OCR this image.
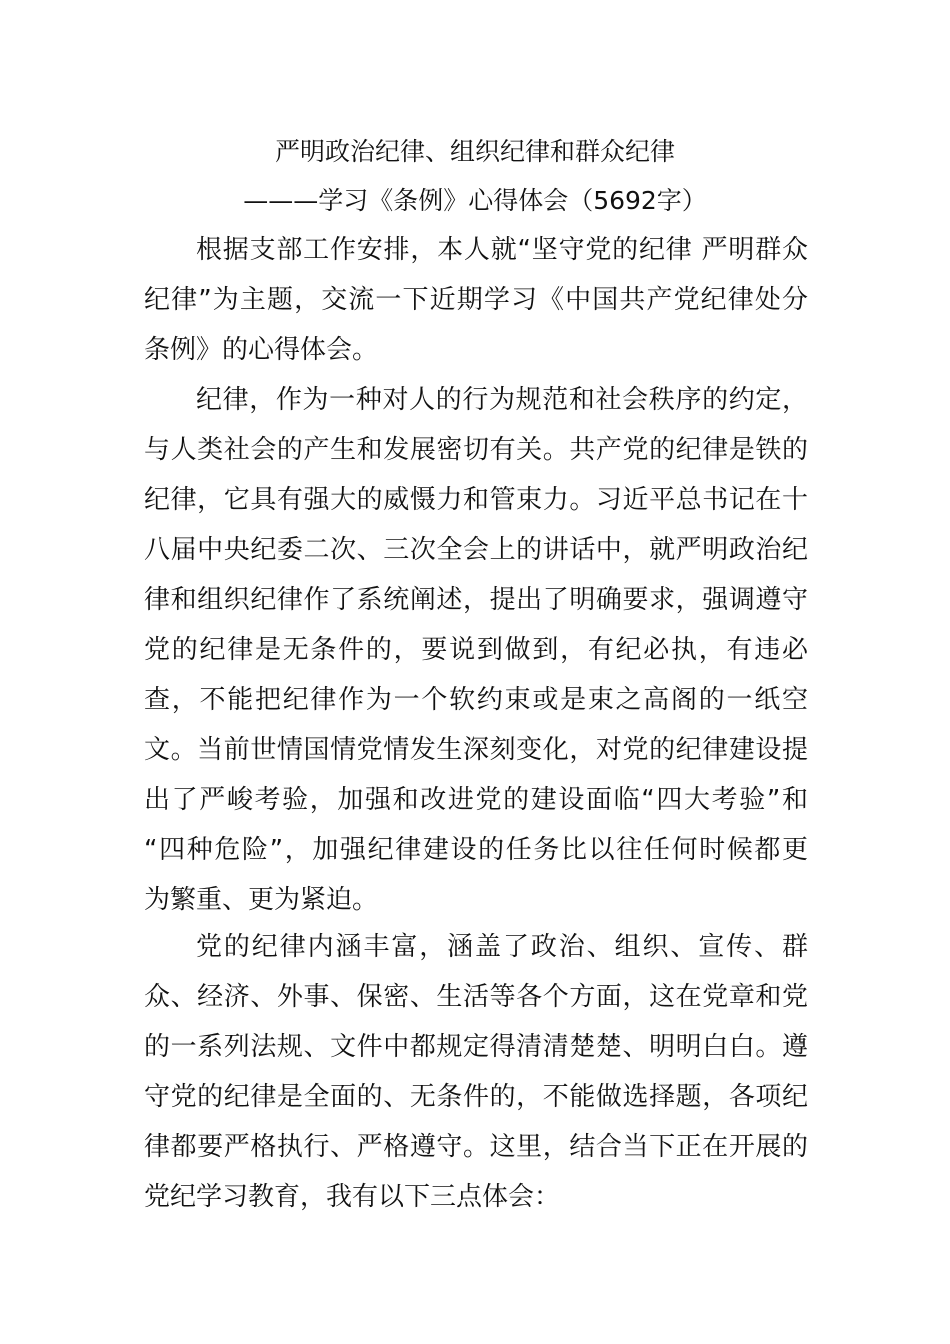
严明政治纪律、组织纪律和群众纪律
———学习《条例》心得体会（5692字）
根据支部工作安排，本人就“坚守党的纪律 严明群众
纪律”为主题，交流一下近期学习《中国共产党纪律处分
条例》的心得体会。
纪律，作为一种对人的行为规范和社会秩序的约定，
与人类社会的产生和发展密切有关。共产党的纪律是铁的
纪律，它具有强大的威慑力和管束力。习近平总书记在十
八届中央纪委二次、三次全会上的讲话中，就严明政治纪
律和组织纪律作了系统阐述，提出了明确要求，强调遵守
党的纪律是无条件的，要说到做到，有纪必执，有违必
查，不能把纪律作为一个软约束或是束之高阁的一纸空
文。当前世情国情党情发生深刻变化，对党的纪律建设提
出了严峻考验，加强和改进党的建设面临“四大考验”和
“四种危险”，加强纪律建设的任务比以往任何时候都更
为繁重、更为紧迫。
党的纪律内涵丰富，涵盖了政治、组织、宣传、群
众、经济、外事、保密、生活等各个方面，这在党章和党
的一系列法规、文件中都规定得清清楚楚、明明白白。遵
守党的纪律是全面的、无条件的，不能做选择题，各项纪
律都要严格执行、严格遵守。这里，结合当下正在开展的
党纪学习教育，我有以下三点体会：
